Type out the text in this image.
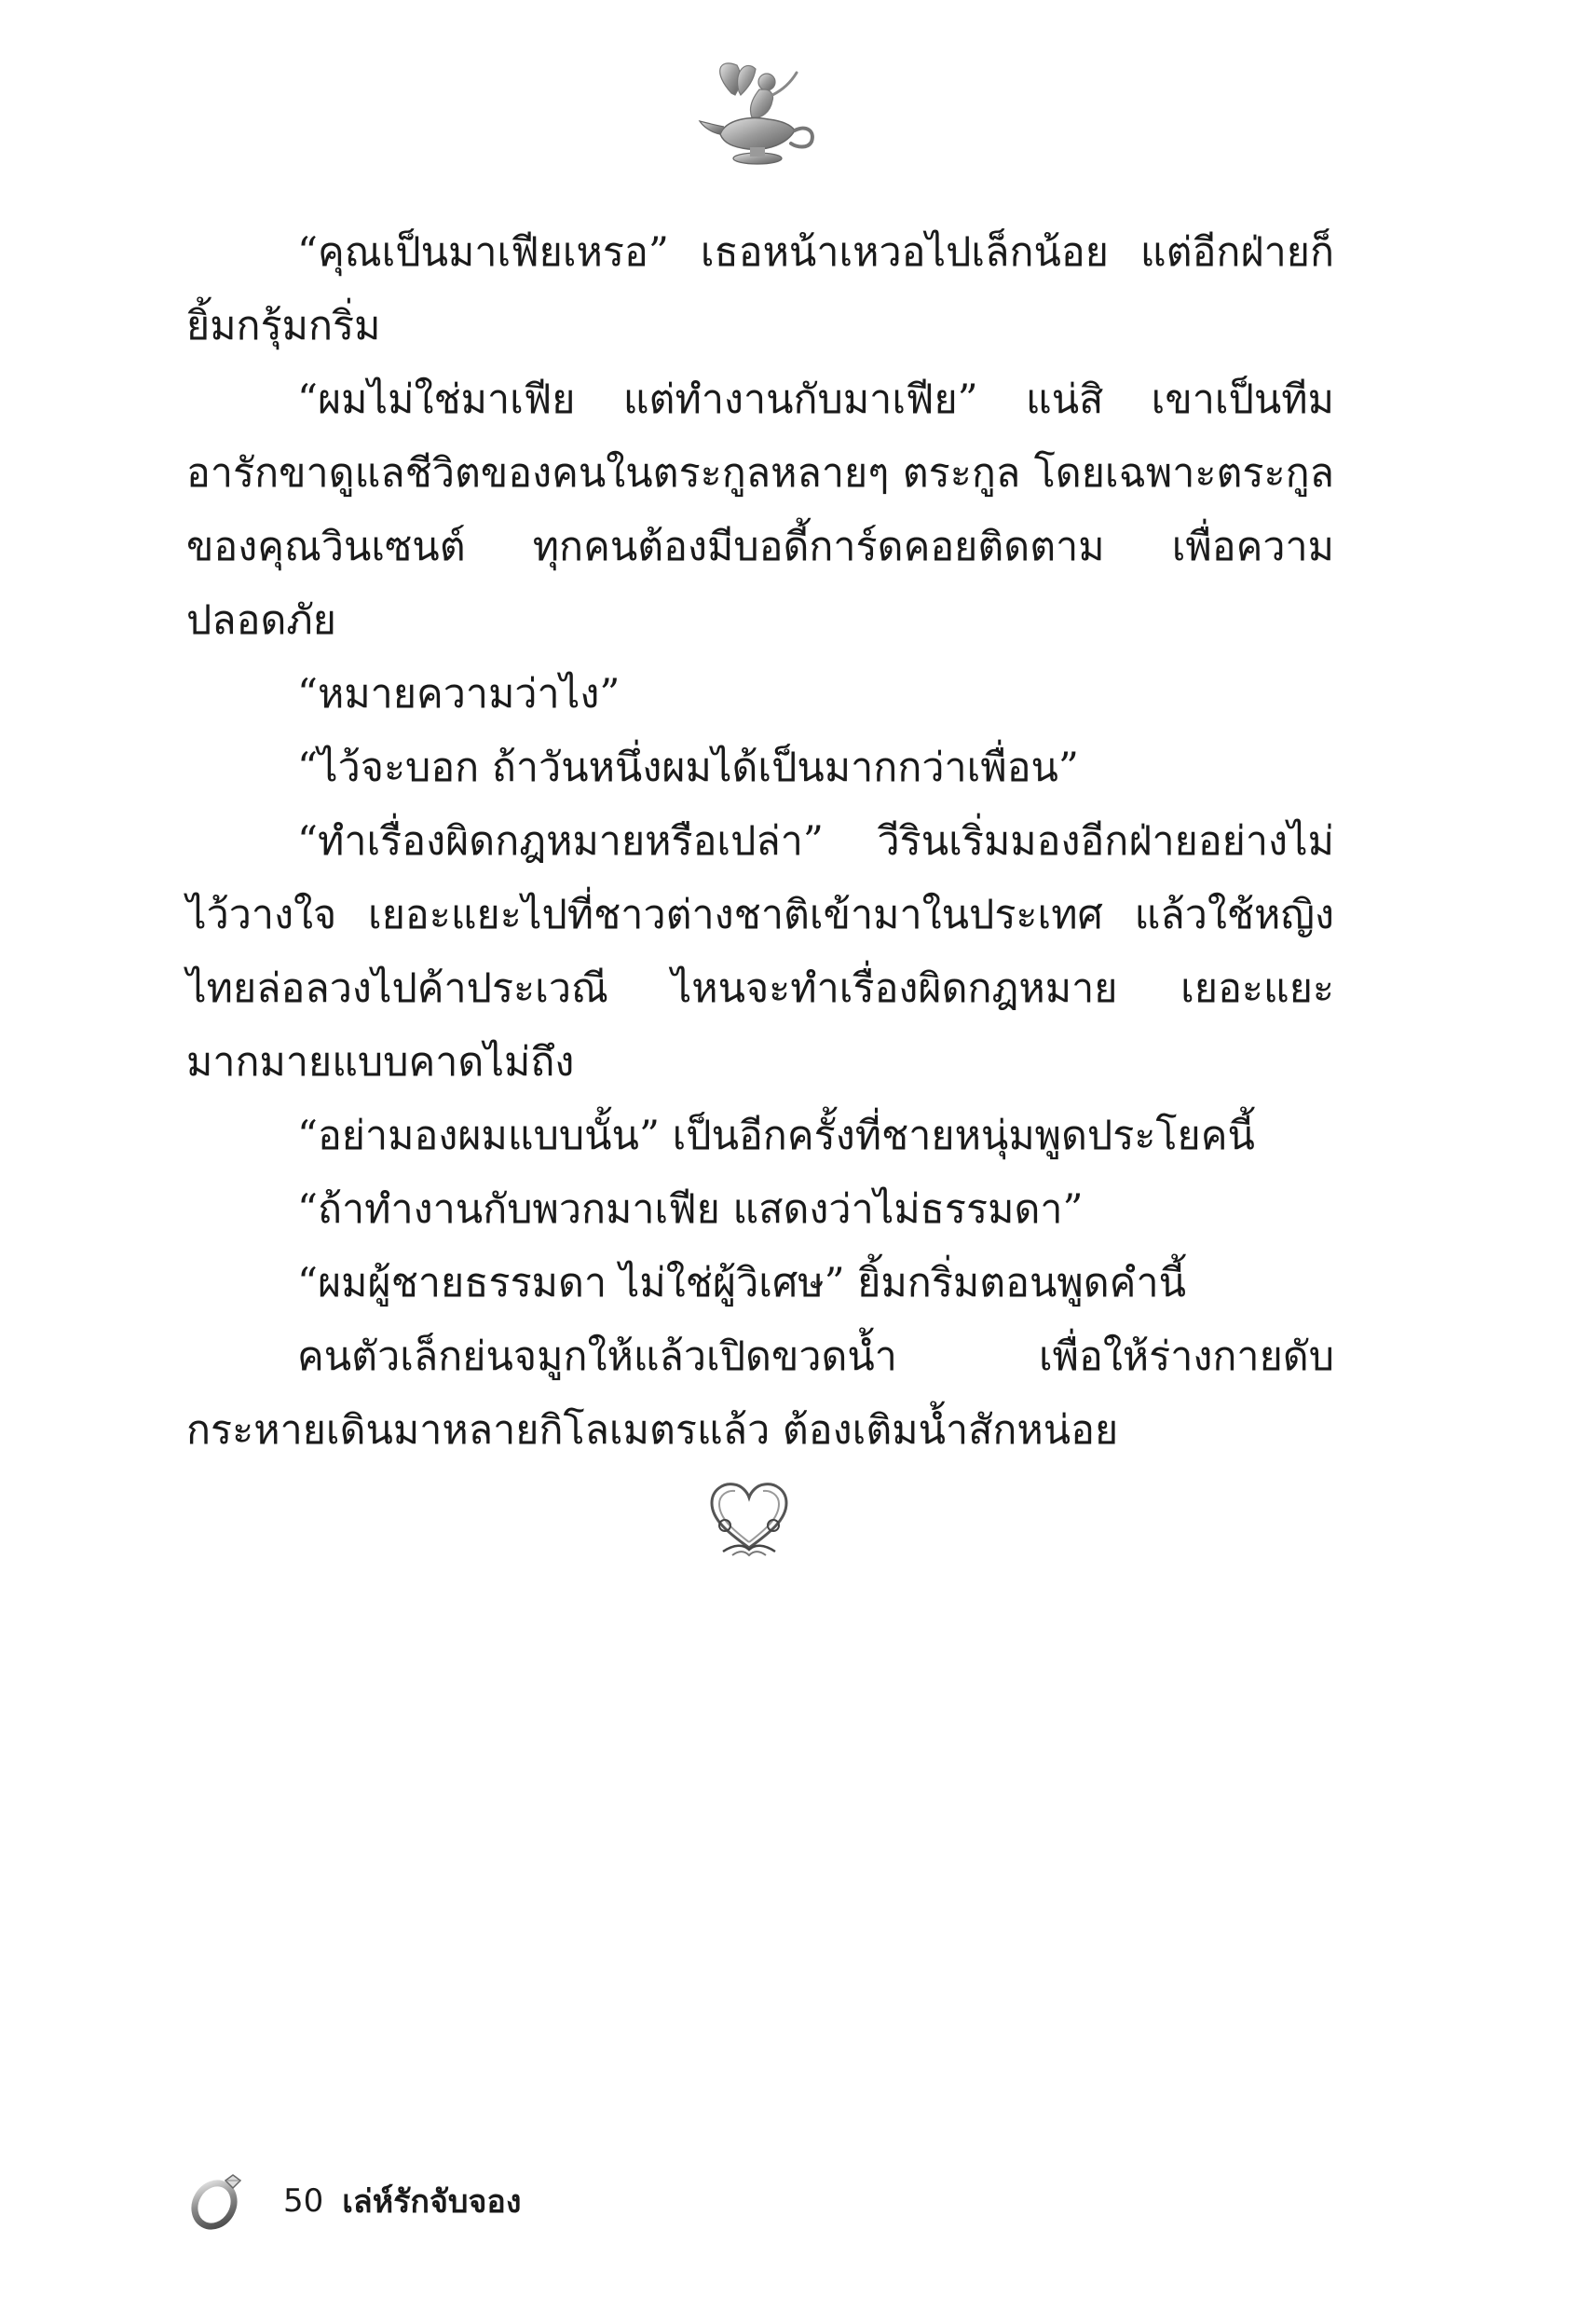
“คุณเป็นมาเฟียเหรอ” เธอหน้าเหวอไปเล็กน้อย แต่อีกฝ่ายก็ยิ้มกรุ้มกริ่ม

“ผมไม่ใช่มาเฟีย แต่ทำงานกับมาเฟีย” แน่สิ เขาเป็นทีมอารักขาดูแลชีวิตของคนในตระกูลหลายๆ ตระกูล โดยเฉพาะตระกูลของคุณวินเซนต์ ทุกคนต้องมีบอดี้การ์ดคอยติดตาม เพื่อความปลอดภัย

“หมายความว่าไง”

“ไว้จะบอก ถ้าวันหนึ่งผมได้เป็นมากกว่าเพื่อน”

“ทำเรื่องผิดกฎหมายหรือเปล่า” วีรินเริ่มมองอีกฝ่ายอย่างไม่ไว้วางใจ เยอะแยะไปที่ชาวต่างชาติเข้ามาในประเทศ แล้วใช้หญิงไทยล่อลวงไปค้าประเวณี ไหนจะทำเรื่องผิดกฎหมาย เยอะแยะมากมายแบบคาดไม่ถึง

“อย่ามองผมแบบนั้น” เป็นอีกครั้งที่ชายหนุ่มพูดประโยคนี้

“ถ้าทำงานกับพวกมาเฟีย แสดงว่าไม่ธรรมดา”

“ผมผู้ชายธรรมดา ไม่ใช่ผู้วิเศษ” ยิ้มกริ่มตอนพูดคำนี้

คนตัวเล็กย่นจมูกให้แล้วเปิดขวดน้ำ เพื่อให้ร่างกายดับกระหายเดินมาหลายกิโลเมตรแล้ว ต้องเติมน้ำสักหน่อย

50 เล่ห์รักจับจอง
